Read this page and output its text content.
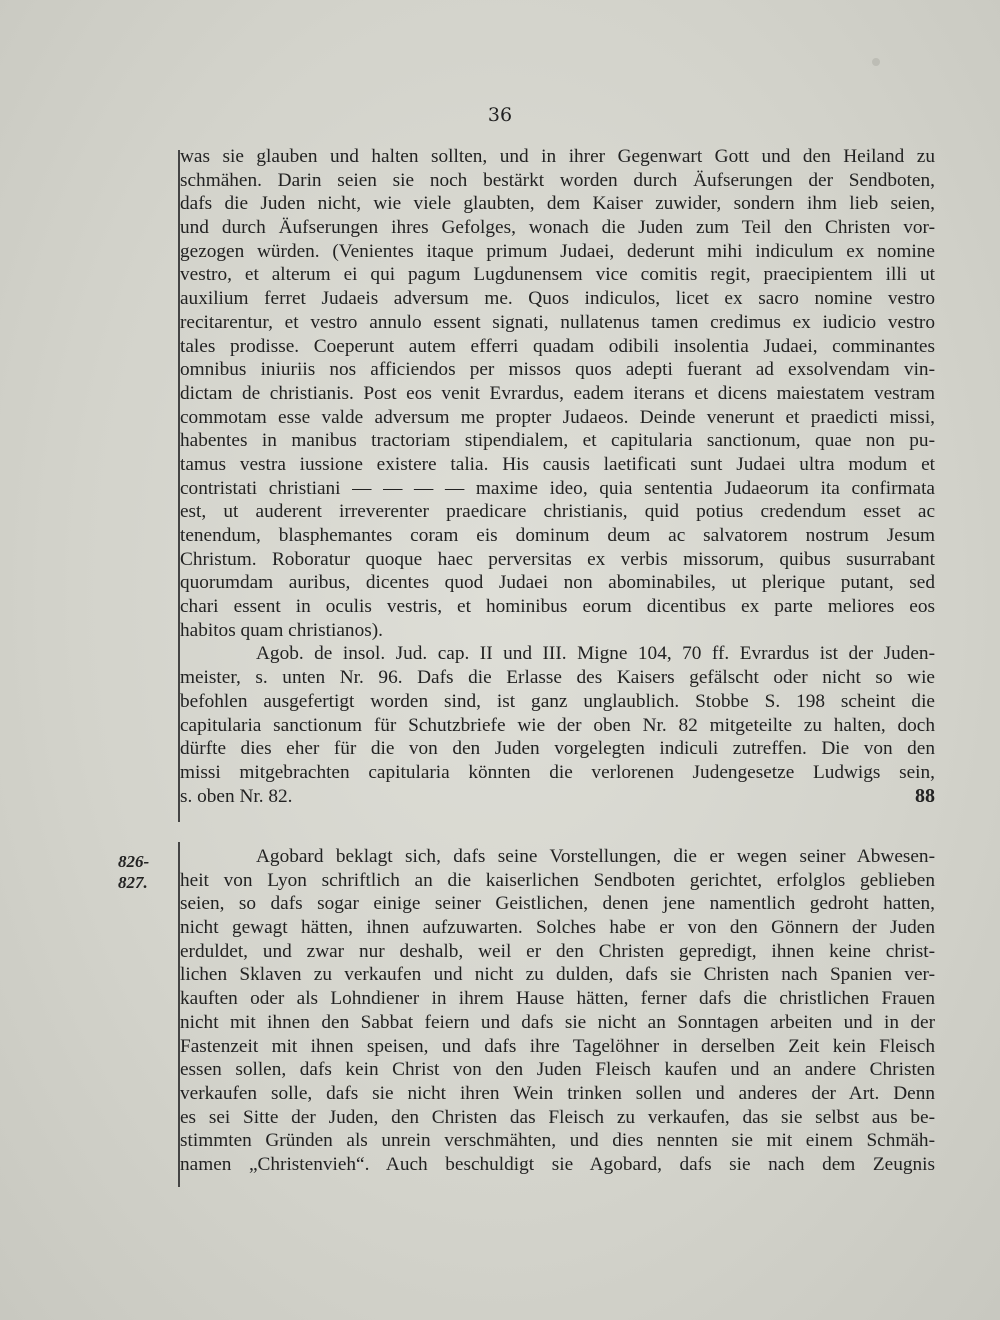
36
was sie glauben und halten sollten, und in ihrer Gegenwart Gott und den Heiland zu
schmähen. Darin seien sie noch bestärkt worden durch Äufserungen der Sendboten,
dafs die Juden nicht, wie viele glaubten, dem Kaiser zuwider, sondern ihm lieb seien,
und durch Äufserungen ihres Gefolges, wonach die Juden zum Teil den Christen vor-
gezogen würden. (Venientes itaque primum Judaei, dederunt mihi indiculum ex nomine
vestro, et alterum ei qui pagum Lugdunensem vice comitis regit, praecipientem illi ut
auxilium ferret Judaeis adversum me. Quos indiculos, licet ex sacro nomine vestro
recitarentur, et vestro annulo essent signati, nullatenus tamen credimus ex iudicio vestro
tales prodisse. Coeperunt autem efferri quadam odibili insolentia Judaei, comminantes
omnibus iniuriis nos afficiendos per missos quos adepti fuerant ad exsolvendam vin-
dictam de christianis. Post eos venit Evrardus, eadem iterans et dicens maiestatem vestram
commotam esse valde adversum me propter Judaeos. Deinde venerunt et praedicti missi,
habentes in manibus tractoriam stipendialem, et capitularia sanctionum, quae non pu-
tamus vestra iussione existere talia. His causis laetificati sunt Judaei ultra modum et
contristati christiani — — — — maxime ideo, quia sententia Judaeorum ita confirmata
est, ut auderent irreverenter praedicare christianis, quid potius credendum esset ac
tenendum, blasphemantes coram eis dominum deum ac salvatorem nostrum Jesum
Christum. Roboratur quoque haec perversitas ex verbis missorum, quibus susurrabant
quorumdam auribus, dicentes quod Judaei non abominabiles, ut plerique putant, sed
chari essent in oculis vestris, et hominibus eorum dicentibus ex parte meliores eos
habitos quam christianos).
Agob. de insol. Jud. cap. II und III. Migne 104, 70 ff. Evrardus ist der Juden-
meister, s. unten Nr. 96. Dafs die Erlasse des Kaisers gefälscht oder nicht so wie
befohlen ausgefertigt worden sind, ist ganz unglaublich. Stobbe S. 198 scheint die
capitularia sanctionum für Schutzbriefe wie der oben Nr. 82 mitgeteilte zu halten, doch
dürfte dies eher für die von den Juden vorgelegten indiculi zutreffen. Die von den
missi mitgebrachten capitularia könnten die verlorenen Judengesetze Ludwigs sein,
s. oben Nr. 82.	88
826-
827.
Agobard beklagt sich, dafs seine Vorstellungen, die er wegen seiner Abwesen-
heit von Lyon schriftlich an die kaiserlichen Sendboten gerichtet, erfolglos geblieben
seien, so dafs sogar einige seiner Geistlichen, denen jene namentlich gedroht hatten,
nicht gewagt hätten, ihnen aufzuwarten. Solches habe er von den Gönnern der Juden
erduldet, und zwar nur deshalb, weil er den Christen gepredigt, ihnen keine christ-
lichen Sklaven zu verkaufen und nicht zu dulden, dafs sie Christen nach Spanien ver-
kauften oder als Lohndiener in ihrem Hause hätten, ferner dafs die christlichen Frauen
nicht mit ihnen den Sabbat feiern und dafs sie nicht an Sonntagen arbeiten und in der
Fastenzeit mit ihnen speisen, und dafs ihre Tagelöhner in derselben Zeit kein Fleisch
essen sollen, dafs kein Christ von den Juden Fleisch kaufen und an andere Christen
verkaufen solle, dafs sie nicht ihren Wein trinken sollen und anderes der Art. Denn
es sei Sitte der Juden, den Christen das Fleisch zu verkaufen, das sie selbst aus be-
stimmten Gründen als unrein verschmähten, und dies nennten sie mit einem Schmäh-
namen „Christenvieh“. Auch beschuldigt sie Agobard, dafs sie nach dem Zeugnis
